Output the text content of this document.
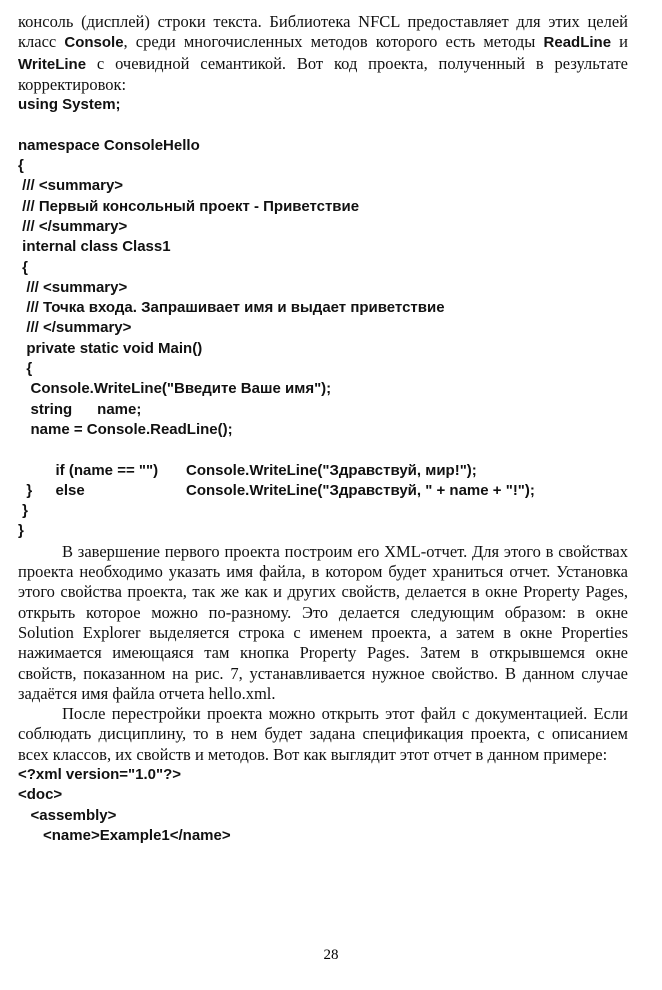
консоль (дисплей) строки текста. Библиотека NFCL предоставляет для этих целей класс Console, среди многочисленных методов которого есть методы ReadLine и WriteLine с очевидной семантикой. Вот код проекта, полученный в результате корректировок:

using System;
namespace ConsoleHello
{
/// <summary>
/// Первый консольный проект - Приветствие
/// </summary>
internal class Class1
{
/// <summary>
/// Точка входа. Запрашивает имя и выдает приветствие
/// </summary>
private static void Main()
{
Console.WriteLine("Введите Ваше имя");
string      name;
name = Console.ReadLine();

if (name == "") Console.WriteLine("Здравствуй, мир!");

else	Console.WriteLine("Здравствуй, " + name + "!");

}
}
}

В завершение первого проекта построим его XML-отчет. Для этого в свойствах проекта необходимо указать имя файла, в котором будет храниться отчет. Установка этого свойства проекта, так же как и других свойств, делается в окне Property Pages, открыть которое можно по-разному. Это делается следующим образом: в окне Solution Explorer выделяется строка с именем проекта, а затем в окне Properties нажимается имеющаяся там кнопка Property Pages. Затем в открывшемся окне свойств, показанном на рис. 7, устанавливается нужное свойство. В данном случае задаётся имя файла отчета hello.xml.

После перестройки проекта можно открыть этот файл с документацией. Если соблюдать дисциплину, то в нем будет задана спецификация проекта, с описанием всех классов, их свойств и методов. Вот как выглядит этот отчет в данном примере:

<?xml version="1.0"?>
<doc>
<assembly>
<name>Example1</name>
28
